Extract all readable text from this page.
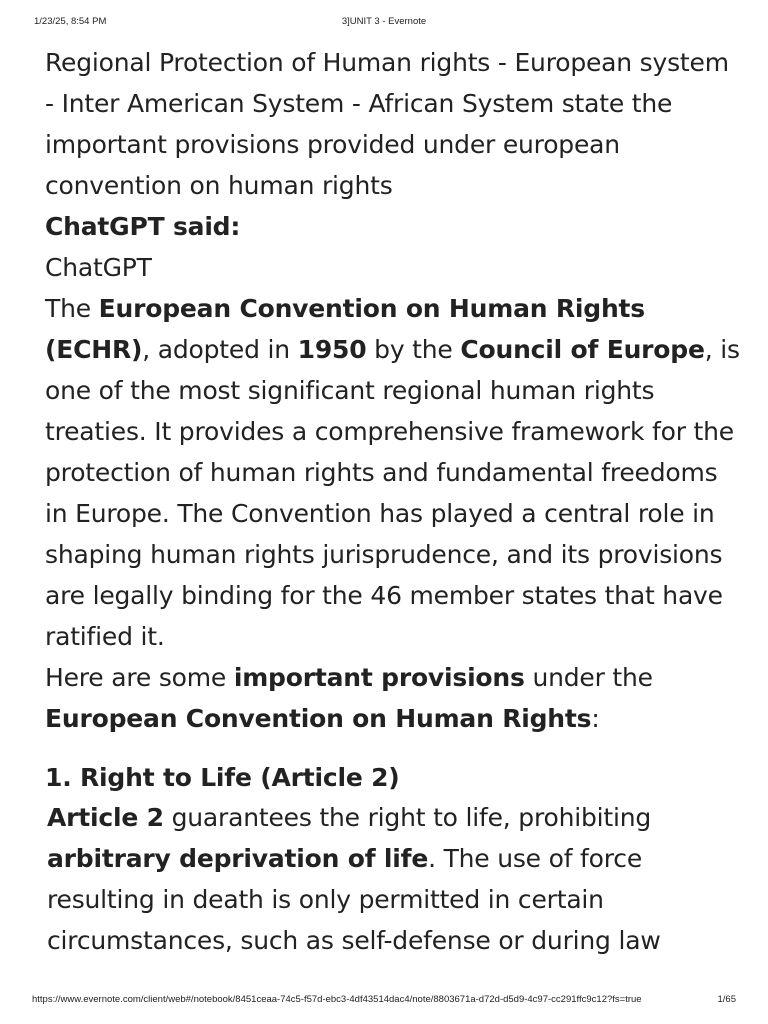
1/23/25, 8:54 PM	3]UNIT 3 - Evernote

Regional Protection of Human rights - European system - Inter American System - African System state the important provisions provided under european convention on human rights

ChatGPT said:

ChatGPT

The European Convention on Human Rights (ECHR), adopted in 1950 by the Council of Europe, is one of the most significant regional human rights treaties. It provides a comprehensive framework for the protection of human rights and fundamental freedoms in Europe. The Convention has played a central role in shaping human rights jurisprudence, and its provisions are legally binding for the 46 member states that have ratified it.

Here are some important provisions under the European Convention on Human Rights:

1. Right to Life (Article 2)

Article 2 guarantees the right to life, prohibiting arbitrary deprivation of life. The use of force resulting in death is only permitted in certain circumstances, such as self-defense or during law

https://www.evernote.com/client/web#/notebook/8451ceaa-74c5-f57d-ebc3-4df43514dac4/note/8803671a-d72d-d5d9-4c97-cc291ffc9c12?fs=true	1/65
